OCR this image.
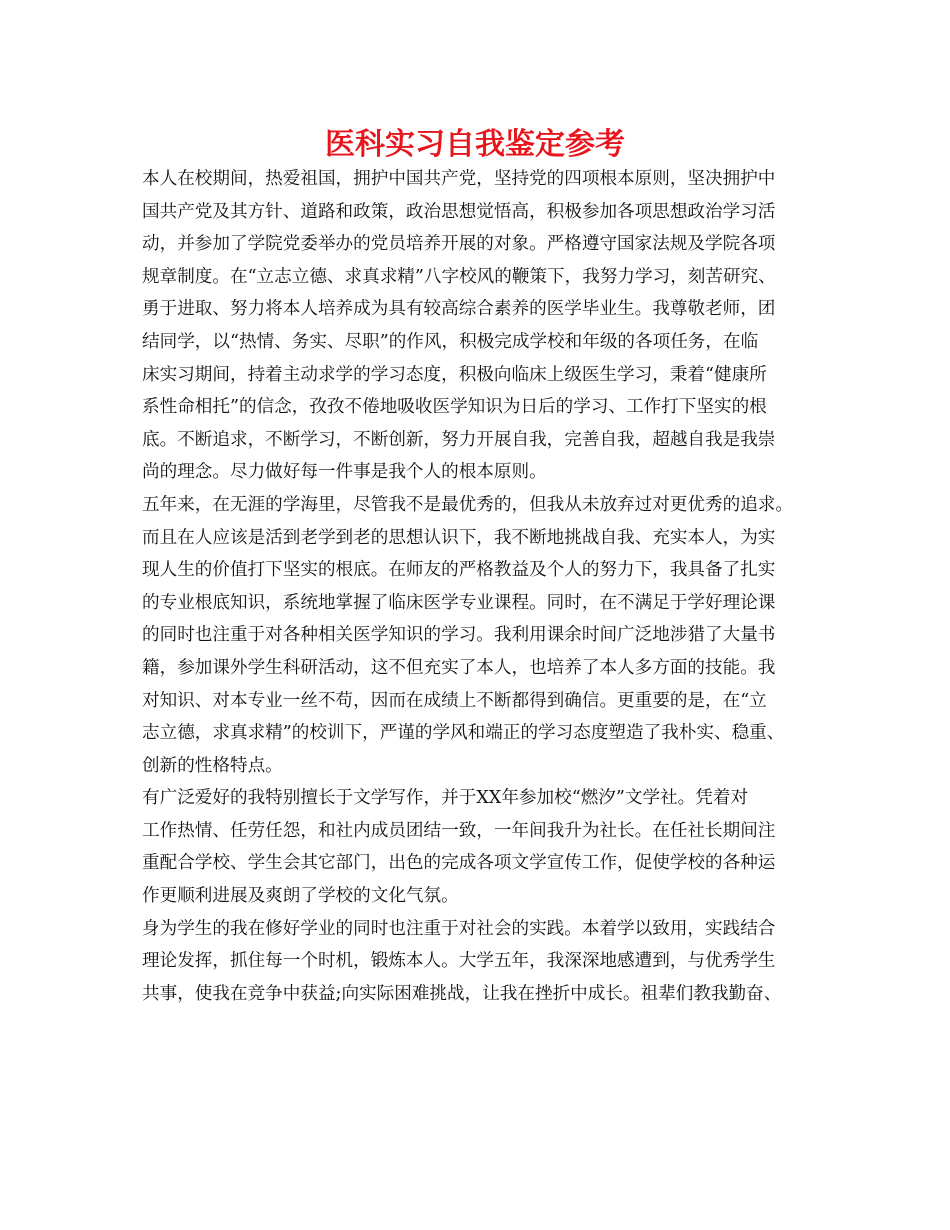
医科实习自我鉴定参考
本人在校期间，热爱祖国，拥护中国共产党，坚持党的四项根本原则，坚决拥护中
国共产党及其方针、道路和政策，政治思想觉悟高，积极参加各项思想政治学习活
动，并参加了学院党委举办的党员培养开展的对象。严格遵守国家法规及学院各项
规章制度。在“立志立德、求真求精”八字校风的鞭策下，我努力学习，刻苦研究、
勇于进取、努力将本人培养成为具有较高综合素养的医学毕业生。我尊敬老师，团
结同学，以“热情、务实、尽职”的作风，积极完成学校和年级的各项任务，在临
床实习期间，持着主动求学的学习态度，积极向临床上级医生学习，秉着“健康所
系性命相托”的信念，孜孜不倦地吸收医学知识为日后的学习、工作打下坚实的根
底。不断追求，不断学习，不断创新，努力开展自我，完善自我，超越自我是我崇
尚的理念。尽力做好每一件事是我个人的根本原则。
五年来，在无涯的学海里，尽管我不是最优秀的，但我从未放弃过对更优秀的追求。
而且在人应该是活到老学到老的思想认识下，我不断地挑战自我、充实本人，为实
现人生的价值打下坚实的根底。在师友的严格教益及个人的努力下，我具备了扎实
的专业根底知识，系统地掌握了临床医学专业课程。同时，在不满足于学好理论课
的同时也注重于对各种相关医学知识的学习。我利用课余时间广泛地涉猎了大量书
籍，参加课外学生科研活动，这不但充实了本人，也培养了本人多方面的技能。我
对知识、对本专业一丝不苟，因而在成绩上不断都得到确信。更重要的是，在“立
志立德，求真求精”的校训下，严谨的学风和端正的学习态度塑造了我朴实、稳重、
创新的性格特点。
有广泛爱好的我特别擅长于文学写作，并于XX年参加校“燃汐”文学社。凭着对
工作热情、任劳任怨，和社内成员团结一致，一年间我升为社长。在任社长期间注
重配合学校、学生会其它部门，出色的完成各项文学宣传工作，促使学校的各种运
作更顺利进展及爽朗了学校的文化气氛。
身为学生的我在修好学业的同时也注重于对社会的实践。本着学以致用，实践结合
理论发挥，抓住每一个时机，锻炼本人。大学五年，我深深地感遭到，与优秀学生
共事，使我在竞争中获益;向实际困难挑战，让我在挫折中成长。祖辈们教我勤奋、
